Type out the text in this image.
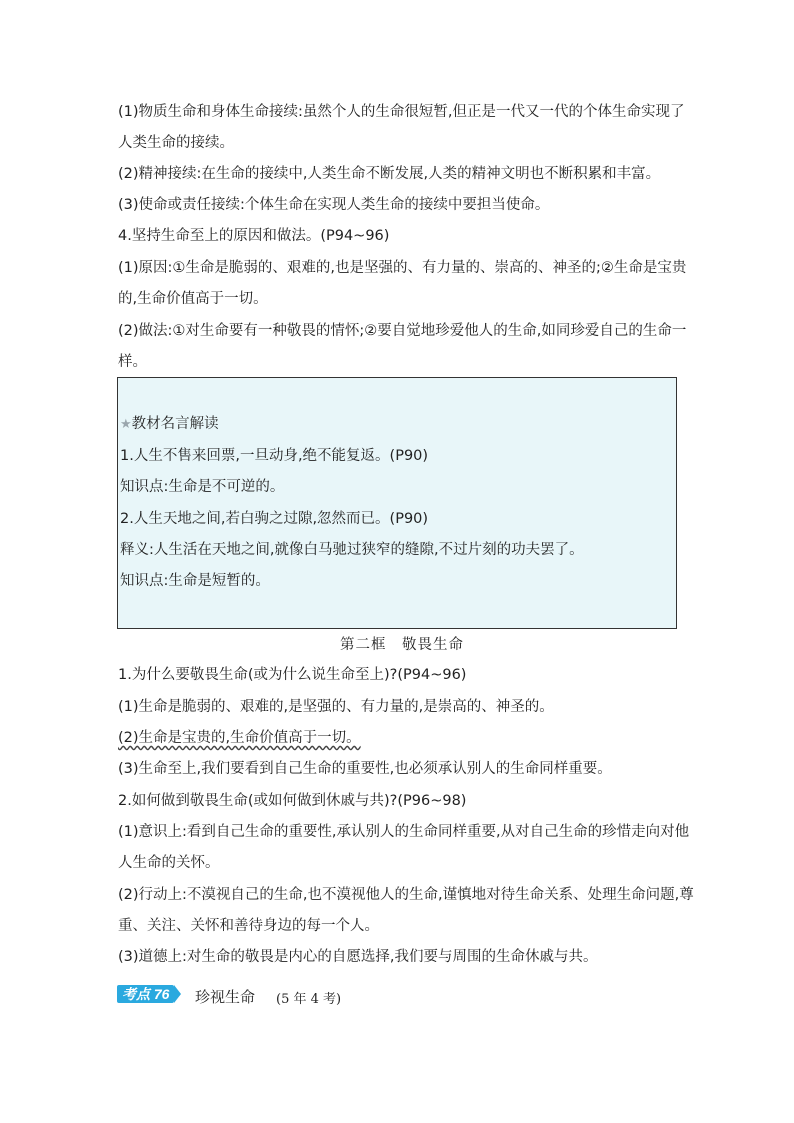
(1)物质生命和身体生命接续:虽然个人的生命很短暂,但正是一代又一代的个体生命实现了
人类生命的接续。
(2)精神接续:在生命的接续中,人类生命不断发展,人类的精神文明也不断积累和丰富。
(3)使命或责任接续:个体生命在实现人类生命的接续中要担当使命。
4.坚持生命至上的原因和做法。(P94~96)
(1)原因:①生命是脆弱的、艰难的,也是坚强的、有力量的、崇高的、神圣的;②生命是宝贵
的,生命价值高于一切。
(2)做法:①对生命要有一种敬畏的情怀;②要自觉地珍爱他人的生命,如同珍爱自己的生命一
样。
★教材名言解读
1.人生不售来回票,一旦动身,绝不能复返。(P90)
知识点:生命是不可逆的。
2.人生天地之间,若白驹之过隙,忽然而已。(P90)
释义:人生活在天地之间,就像白马驰过狭窄的缝隙,不过片刻的功夫罢了。
知识点:生命是短暂的。
第二框　敬畏生命
1.为什么要敬畏生命(或为什么说生命至上)?(P94~96)
(1)生命是脆弱的、艰难的,是坚强的、有力量的,是崇高的、神圣的。
(2)生命是宝贵的,生命价值高于一切。
(3)生命至上,我们要看到自己生命的重要性,也必须承认别人的生命同样重要。
2.如何做到敬畏生命(或如何做到休戚与共)?(P96~98)
(1)意识上:看到自己生命的重要性,承认别人的生命同样重要,从对自己生命的珍惜走向对他
人生命的关怀。
(2)行动上:不漠视自己的生命,也不漠视他人的生命,谨慎地对待生命关系、处理生命问题,尊
重、关注、关怀和善待身边的每一个人。
(3)道德上:对生命的敬畏是内心的自愿选择,我们要与周围的生命休戚与共。
考点 76	珍视生命 (5 年 4 考)
